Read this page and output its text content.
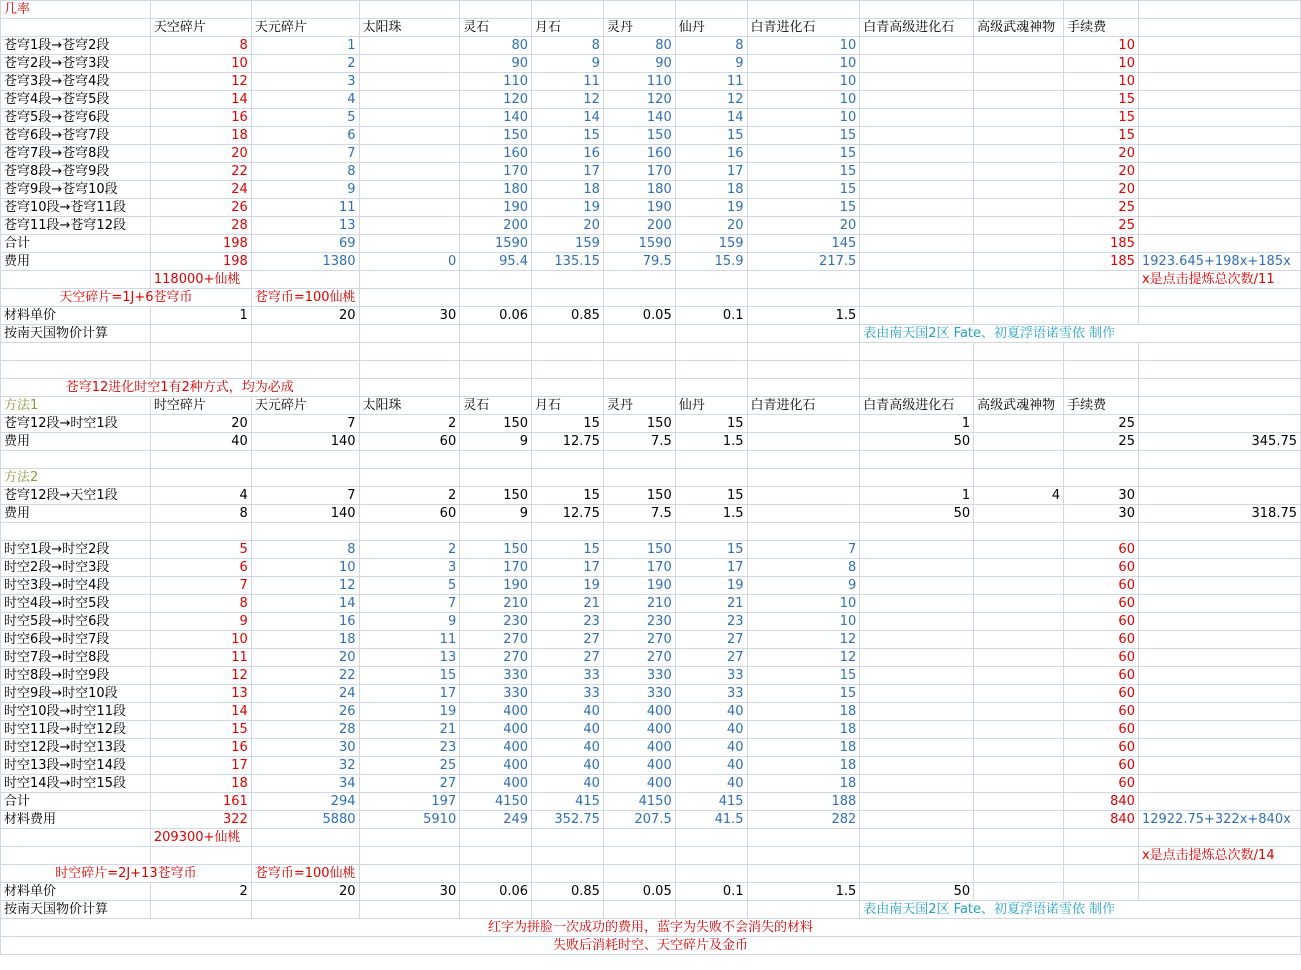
几率												
	天空碎片	天元碎片	太阳珠	灵石	月石	灵丹	仙丹	白青进化石	白青高级进化石	高级武魂神物	手续费	
苍穹1段→苍穹2段	8	1		80	8	80	8	10			10	
苍穹2段→苍穹3段	10	2		90	9	90	9	10			10	
苍穹3段→苍穹4段	12	3		110	11	110	11	10			10	
苍穹4段→苍穹5段	14	4		120	12	120	12	10			15	
苍穹5段→苍穹6段	16	5		140	14	140	14	10			15	
苍穹6段→苍穹7段	18	6		150	15	150	15	15			15	
苍穹7段→苍穹8段	20	7		160	16	160	16	15			20	
苍穹8段→苍穹9段	22	8		170	17	170	17	15			20	
苍穹9段→苍穹10段	24	9		180	18	180	18	15			20	
苍穹10段→苍穹11段	26	11		190	19	190	19	15			25	
苍穹11段→苍穹12段	28	13		200	20	200	20	20			25	
合计	198	69		1590	159	1590	159	145			185	
费用	198	1380	0	95.4	135.15	79.5	15.9	217.5			185	1923.645+198x+185x
	118000+仙桃											x是点击提炼总次数/11
天空碎片=1J+6苍穹币		苍穹币=100仙桃										
材料单价	1	20	30	0.06	0.85	0.05	0.1	1.5				
按南天国物价计算									表由南天国2区 Fate、初夏浮语诺雪依 制作			

苍穹12进化时空1有2种方式，均为必成												
方法1	时空碎片	天元碎片	太阳珠	灵石	月石	灵丹	仙丹	白青进化石	白青高级进化石	高级武魂神物	手续费	
苍穹12段→时空1段	20	7	2	150	15	150	15		1		25	
费用	40	140	60	9	12.75	7.5	1.5		50		25	345.75

方法2												
苍穹12段→天空1段	4	7	2	150	15	150	15		1	4	30	
费用	8	140	60	9	12.75	7.5	1.5		50		30	318.75

时空1段→时空2段	5	8	2	150	15	150	15	7			60	
时空2段→时空3段	6	10	3	170	17	170	17	8			60	
时空3段→时空4段	7	12	5	190	19	190	19	9			60	
时空4段→时空5段	8	14	7	210	21	210	21	10			60	
时空5段→时空6段	9	16	9	230	23	230	23	10			60	
时空6段→时空7段	10	18	11	270	27	270	27	12			60	
时空7段→时空8段	11	20	13	270	27	270	27	12			60	
时空8段→时空9段	12	22	15	330	33	330	33	15			60	
时空9段→时空10段	13	24	17	330	33	330	33	15			60	
时空10段→时空11段	14	26	19	400	40	400	40	18			60	
时空11段→时空12段	15	28	21	400	40	400	40	18			60	
时空12段→时空13段	16	30	23	400	40	400	40	18			60	
时空13段→时空14段	17	32	25	400	40	400	40	18			60	
时空14段→时空15段	18	34	27	400	40	400	40	18			60	
合计	161	294	197	4150	415	4150	415	188			840	
材料费用	322	5880	5910	249	352.75	207.5	41.5	282			840	12922.75+322x+840x
	209300+仙桃											
												x是点击提炼总次数/14
时空碎片=2J+13苍穹币		苍穹币=100仙桃										
材料单价	2	20	30	0.06	0.85	0.05	0.1	1.5	50			
按南天国物价计算									表由南天国2区 Fate、初夏浮语诺雪依 制作			
红字为拼脸一次成功的费用，蓝字为失败不会消失的材料												
失败后消耗时空、天空碎片及金币												
